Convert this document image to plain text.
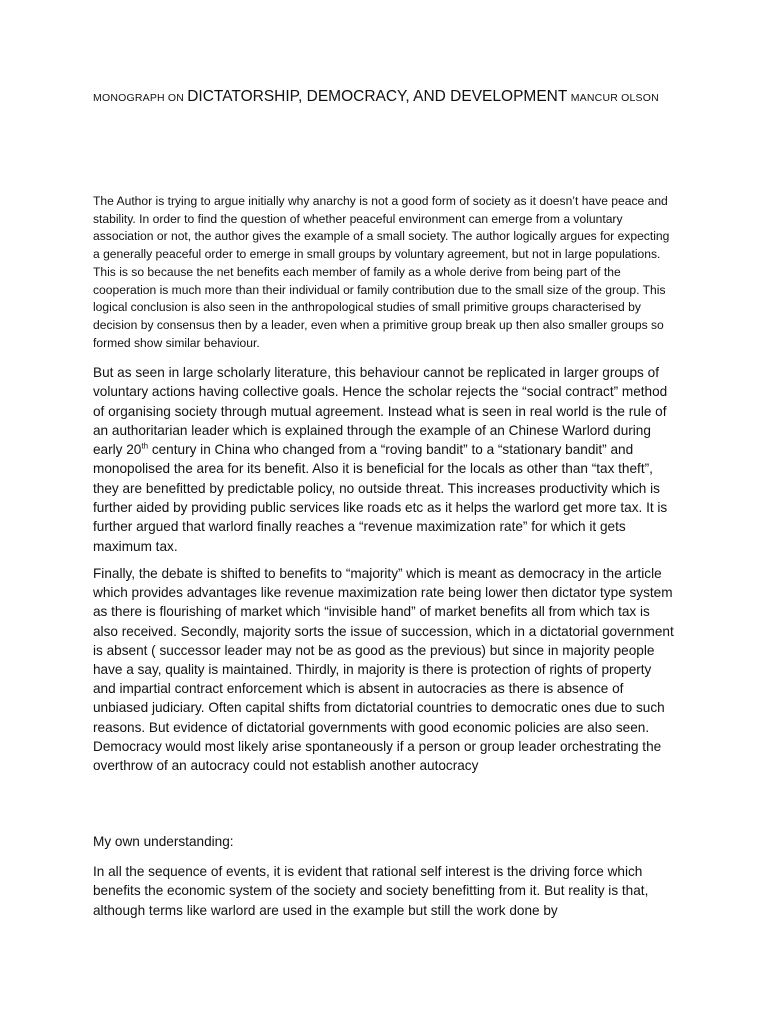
MONOGRAPH ON DICTATORSHIP, DEMOCRACY, AND DEVELOPMENT MANCUR OLSON

The Author is trying to argue initially why anarchy is not a good form of society as it doesn’t have peace and stability. In order to find the question of whether peaceful environment can emerge from a voluntary association or not, the author gives the example of a small society. The author logically argues for expecting a generally peaceful order to emerge in small groups by voluntary agreement, but not in large populations. This is so because the net benefits each member of family as a whole derive from being part of the cooperation is much more than their individual or family contribution due to the small size of the group. This logical conclusion is also seen in the anthropological studies of small primitive groups characterised by decision by consensus then by a leader, even when a primitive group break up then also smaller groups so formed show similar behaviour.

But as seen in large scholarly literature, this behaviour cannot be replicated in larger groups of voluntary actions having collective goals. Hence the scholar rejects the “social contract” method of organising society through mutual agreement. Instead what is seen in real world is the rule of an authoritarian leader which is explained through the example of an Chinese Warlord during early 20th century in China who changed from a “roving bandit” to a “stationary bandit” and monopolised the area for its benefit. Also it is beneficial for the locals as other than “tax theft”, they are benefitted by predictable policy, no outside threat. This increases productivity which is further aided by providing public services like roads etc as it helps the warlord get more tax. It is further argued that warlord finally reaches a “revenue maximization rate” for which it gets maximum tax.

Finally, the debate is shifted to benefits to “majority” which is meant as democracy in the article which provides advantages like revenue maximization rate being lower then dictator type system as there is flourishing of market which “invisible hand” of market benefits all from which tax is also received. Secondly, majority sorts the issue of succession, which in a dictatorial government is absent ( successor leader may not be as good as the previous) but since in majority people have a say, quality is maintained. Thirdly, in majority is there is protection of rights of property and impartial contract enforcement which is absent in autocracies as there is absence of unbiased judiciary. Often capital shifts from dictatorial countries to democratic ones due to such reasons. But evidence of dictatorial governments with good economic policies are also seen. Democracy would most likely arise spontaneously if a person or group leader orchestrating the overthrow of an autocracy could not establish another autocracy

My own understanding:

In all the sequence of events, it is evident that rational self interest is the driving force which benefits the economic system of the society and society benefitting from it. But reality is that, although terms like warlord are used in the example but still the work done by
